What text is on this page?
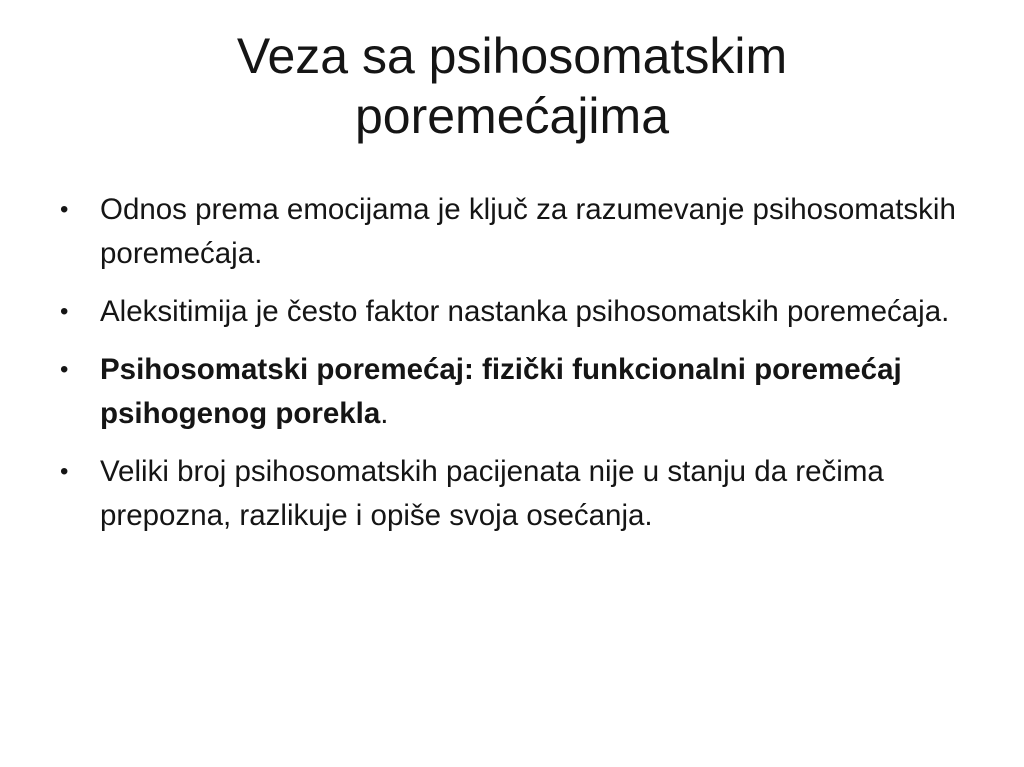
Veza sa psihosomatskim poremećajima
•	Odnos prema emocijama je ključ za razumevanje psihosomatskih poremećaja.
•	Aleksitimija je često faktor nastanka psihosomatskih poremećaja.
•	Psihosomatski poremećaj: fizički funkcionalni poremećaj psihogenog porekla.
•	Veliki broj psihosomatskih pacijenata nije u stanju da rečima prepozna, razlikuje i opiše svoja osećanja.
